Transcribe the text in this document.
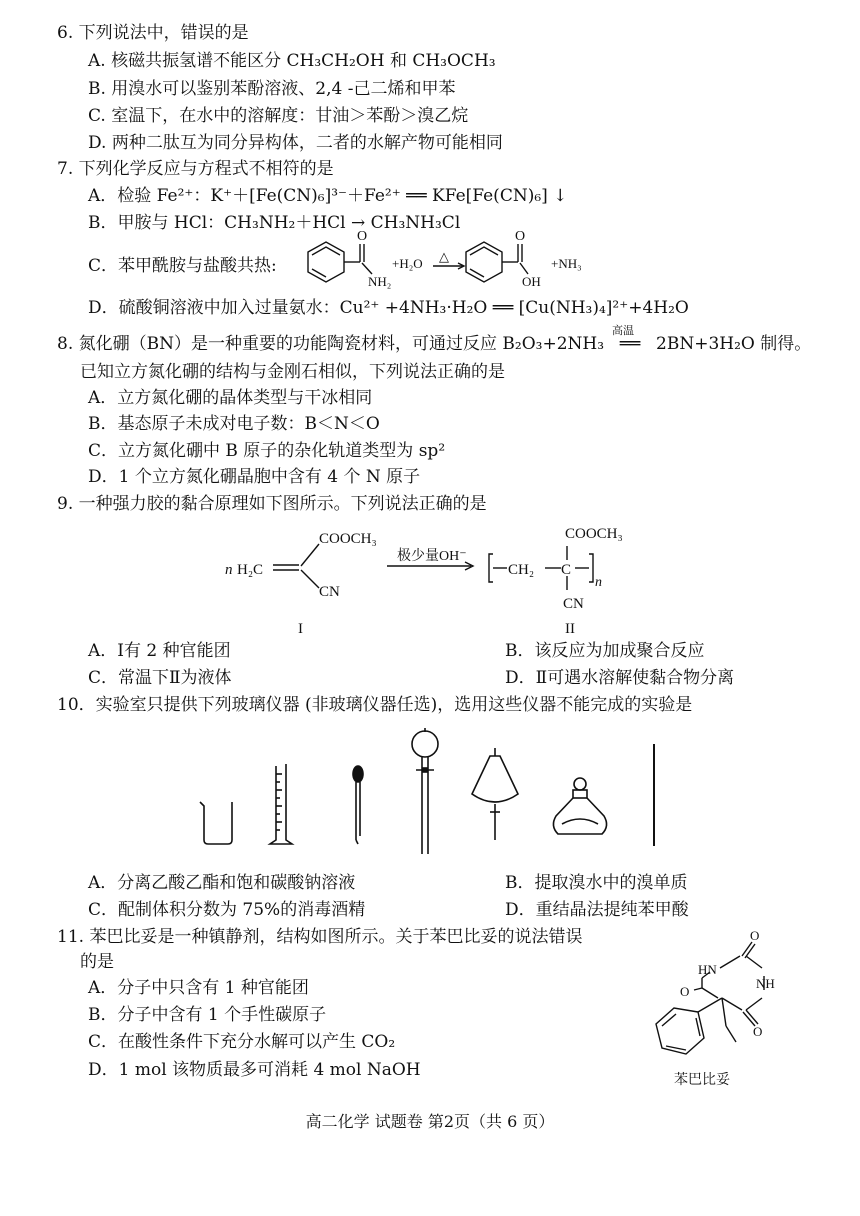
6. 下列说法中，错误的是
A. 核磁共振氢谱不能区分 CH₃CH₂OH 和 CH₃OCH₃
B. 用溴水可以鉴别苯酚溶液、2,4 -己二烯和甲苯
C. 室温下，在水中的溶解度：甘油＞苯酚＞溴乙烷
D. 两种二肽互为同分异构体，二者的水解产物可能相同
7. 下列化学反应与方程式不相符的是
A．检验 Fe²⁺：K⁺＋[Fe(CN)₆]³⁻＋Fe²⁺ ══ KFe[Fe(CN)₆] ↓
B．甲胺与 HCl：CH₃NH₂＋HCl → CH₃NH₃Cl
C．苯甲酰胺与盐酸共热:
O
NH₂
+H₂O △
O
OH
+NH₃
D．硫酸铜溶液中加入过量氨水：Cu²⁺ +4NH₃·H₂O ══ [Cu(NH₃)₄]²⁺+4H₂O
8. 氮化硼（BN）是一种重要的功能陶瓷材料，可通过反应 B₂O₃+2NH₃
高温
══ 2BN+3H₂O 制得。
已知立方氮化硼的结构与金刚石相似，下列说法正确的是
A．立方氮化硼的晶体类型与干冰相同
B．基态原子未成对电子数：B＜N＜O
C．立方氮化硼中 B 原子的杂化轨道类型为 sp²
D．1 个立方氮化硼晶胞中含有 4 个 N 原子
9. 一种强力胶的黏合原理如下图所示。下列说法正确的是
n H₂C
COOCH₃
CN
极少量OH⁻
CH₂ C
COOCH₃
CN
n
I	II
A．Ⅰ有 2 种官能团	B．该反应为加成聚合反应
C．常温下Ⅱ为液体	D．Ⅱ可遇水溶解使黏合物分离
10．实验室只提供下列玻璃仪器 (非玻璃仪器任选)，选用这些仪器不能完成的实验是
A．分离乙酸乙酯和饱和碳酸钠溶液	B．提取溴水中的溴单质
C．配制体积分数为 75%的消毒酒精	D．重结晶法提纯苯甲酸
11. 苯巴比妥是一种镇静剂，结构如图所示。关于苯巴比妥的说法错误
的是
A．分子中只含有 1 种官能团
B．分子中含有 1 个手性碳原子
C．在酸性条件下充分水解可以产生 CO₂
D．1 mol 该物质最多可消耗 4 mol NaOH
O
HN
NH
O
O
苯巴比妥
高二化学 试题卷 第2页（共 6 页）
